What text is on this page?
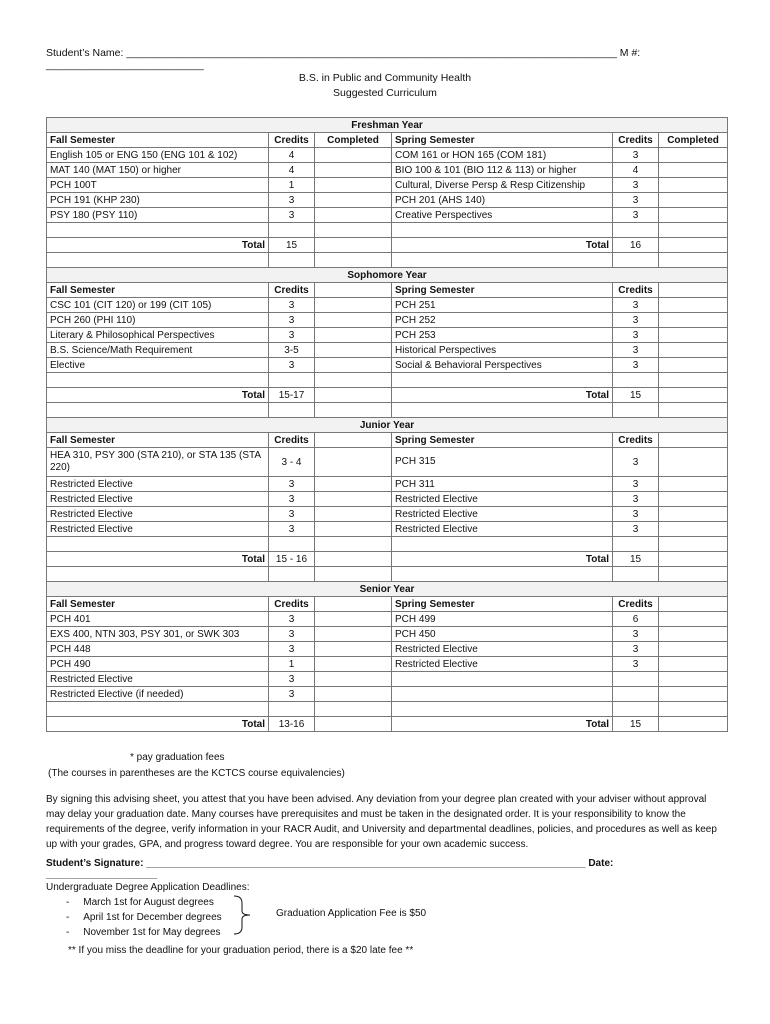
Student’s Name: ____________________________________________________________________________________ M #: ___________________________
B.S. in Public and Community Health
Suggested Curriculum
Freshman Year					
Fall Semester	Credits	Completed	Spring Semester	Credits	Completed
English 105 or ENG 150 (ENG 101 & 102)	4		COM 161 or HON 165 (COM 181)	3	
MAT 140 (MAT 150) or higher	4		BIO 100 & 101 (BIO 112 & 113) or higher	4	
PCH 100T	1		Cultural, Diverse Persp & Resp Citizenship	3	
PCH 191 (KHP 230)	3		PCH 201 (AHS 140)	3	
PSY 180 (PSY 110)	3		Creative Perspectives	3	

Total	15		Total	16	

Sophomore Year					
Fall Semester	Credits		Spring Semester	Credits	
CSC 101 (CIT 120) or 199 (CIT 105)	3		PCH 251	3	
PCH 260 (PHI 110)	3		PCH 252	3	
Literary & Philosophical Perspectives	3		PCH 253	3	
B.S. Science/Math Requirement	3-5		Historical Perspectives	3	
Elective	3		Social & Behavioral Perspectives	3	

Total	15-17		Total	15	

Junior Year					
Fall Semester	Credits		Spring Semester	Credits	
HEA 310, PSY 300 (STA 210), or STA 135 (STA 220)	3 - 4		PCH 315	3	
Restricted Elective	3		PCH 311	3	
Restricted Elective	3		Restricted Elective	3	
Restricted Elective	3		Restricted Elective	3	
Restricted Elective	3		Restricted Elective	3	

Total	15 - 16		Total	15	

Senior Year					
Fall Semester	Credits		Spring Semester	Credits	
PCH 401	3		PCH 499	6	
EXS 400, NTN 303, PSY 301, or SWK 303	3		PCH 450	3	
PCH 448	3		Restricted Elective	3	
PCH 490	1		Restricted Elective	3	
Restricted Elective	3				
Restricted Elective (if needed)	3				

Total	13-16		Total	15	
* pay graduation fees
(The courses in parentheses are the KCTCS course equivalencies)
By signing this advising sheet, you attest that you have been advised. Any deviation from your degree plan created with your adviser without approval may delay your graduation date. Many courses have prerequisites and must be taken in the designated order. It is your responsibility to know the requirements of the degree, verify information in your RACR Audit, and University and departmental deadlines, policies, and procedures as well as keep up with your grades, GPA, and progress toward degree. You are responsible for your own academic success.
Student’s Signature: _______________________________________________________________________________ Date: ____________________
Undergraduate Degree Application Deadlines:
-     March 1st for August degrees
-     April 1st for December degrees
-     November 1st for May degrees
Graduation Application Fee is $50
** If you miss the deadline for your graduation period, there is a $20 late fee **
